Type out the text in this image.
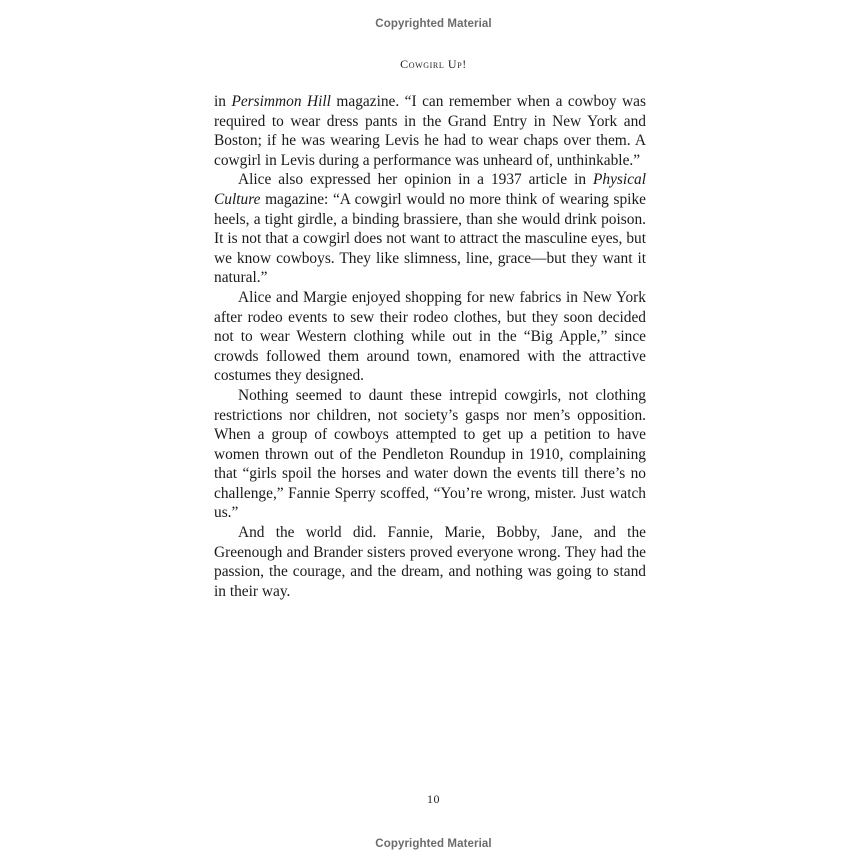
Copyrighted Material
Cowgirl Up!

in Persimmon Hill magazine. “I can remember when a cowboy was required to wear dress pants in the Grand Entry in New York and Boston; if he was wearing Levis he had to wear chaps over them. A cowgirl in Levis during a performance was unheard of, unthinkable.”

Alice also expressed her opinion in a 1937 article in Physical Culture magazine: “A cowgirl would no more think of wearing spike heels, a tight girdle, a binding brassiere, than she would drink poison. It is not that a cowgirl does not want to attract the masculine eyes, but we know cowboys. They like slimness, line, grace—but they want it natural.”

Alice and Margie enjoyed shopping for new fabrics in New York after rodeo events to sew their rodeo clothes, but they soon decided not to wear Western clothing while out in the “Big Apple,” since crowds followed them around town, enamored with the attractive costumes they designed.

Nothing seemed to daunt these intrepid cowgirls, not clothing restrictions nor children, not society’s gasps nor men’s opposition. When a group of cowboys attempted to get up a petition to have women thrown out of the Pendleton Roundup in 1910, complaining that “girls spoil the horses and water down the events till there’s no challenge,” Fannie Sperry scoffed, “You’re wrong, mister. Just watch us.”

And the world did. Fannie, Marie, Bobby, Jane, and the Greenough and Brander sisters proved everyone wrong. They had the passion, the courage, and the dream, and nothing was going to stand in their way.

10
Copyrighted Material
